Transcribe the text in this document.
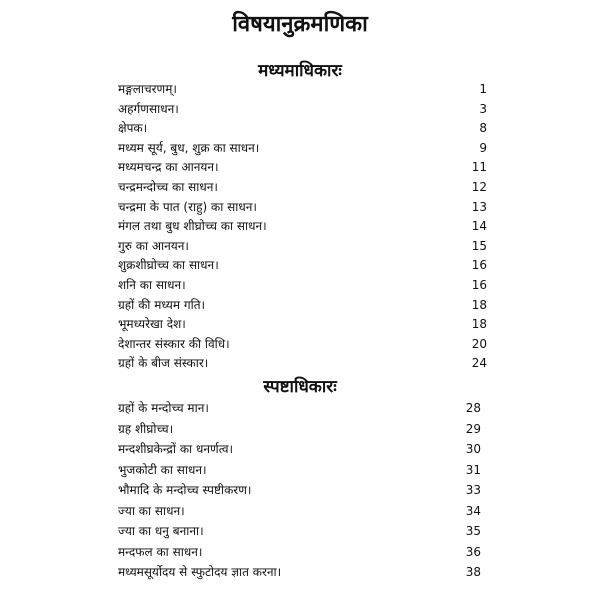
विषयानुक्रमणिका
मध्यमाधिकारः
मङ्गलाचरणम्।	1
अहर्गणसाधन।	3
क्षेपक।	8
मध्यम सूर्य, बुध, शुक्र का साधन।	9
मध्यमचन्द्र का आनयन।	11
चन्द्रमन्दोच्च का साधन।	12
चन्द्रमा के पात (राहु) का साधन।	13
मंगल तथा बुध शीघ्रोच्च का साधन।	14
गुरु का आनयन।	15
शुक्रशीघ्रोच्च का साधन।	16
शनि का साधन।	16
ग्रहों की मध्यम गति।	18
भूमध्यरेखा देश।	18
देशान्तर संस्कार की विधि।	20
ग्रहों के बीज संस्कार।	24
स्पष्टाधिकारः
ग्रहों के मन्दोच्च मान।	28
ग्रह शीघ्रोच्च।	29
मन्दशीघ्रकेन्द्रों का धनर्णत्व।	30
भुजकोटी का साधन।	31
भौमादि के मन्दोच्च स्पष्टीकरण।	33
ज्या का साधन।	34
ज्या का धनु बनाना।	35
मन्दफल का साधन।	36
मध्यमसूर्योदय से स्फुटोदय ज्ञात करना।	38
